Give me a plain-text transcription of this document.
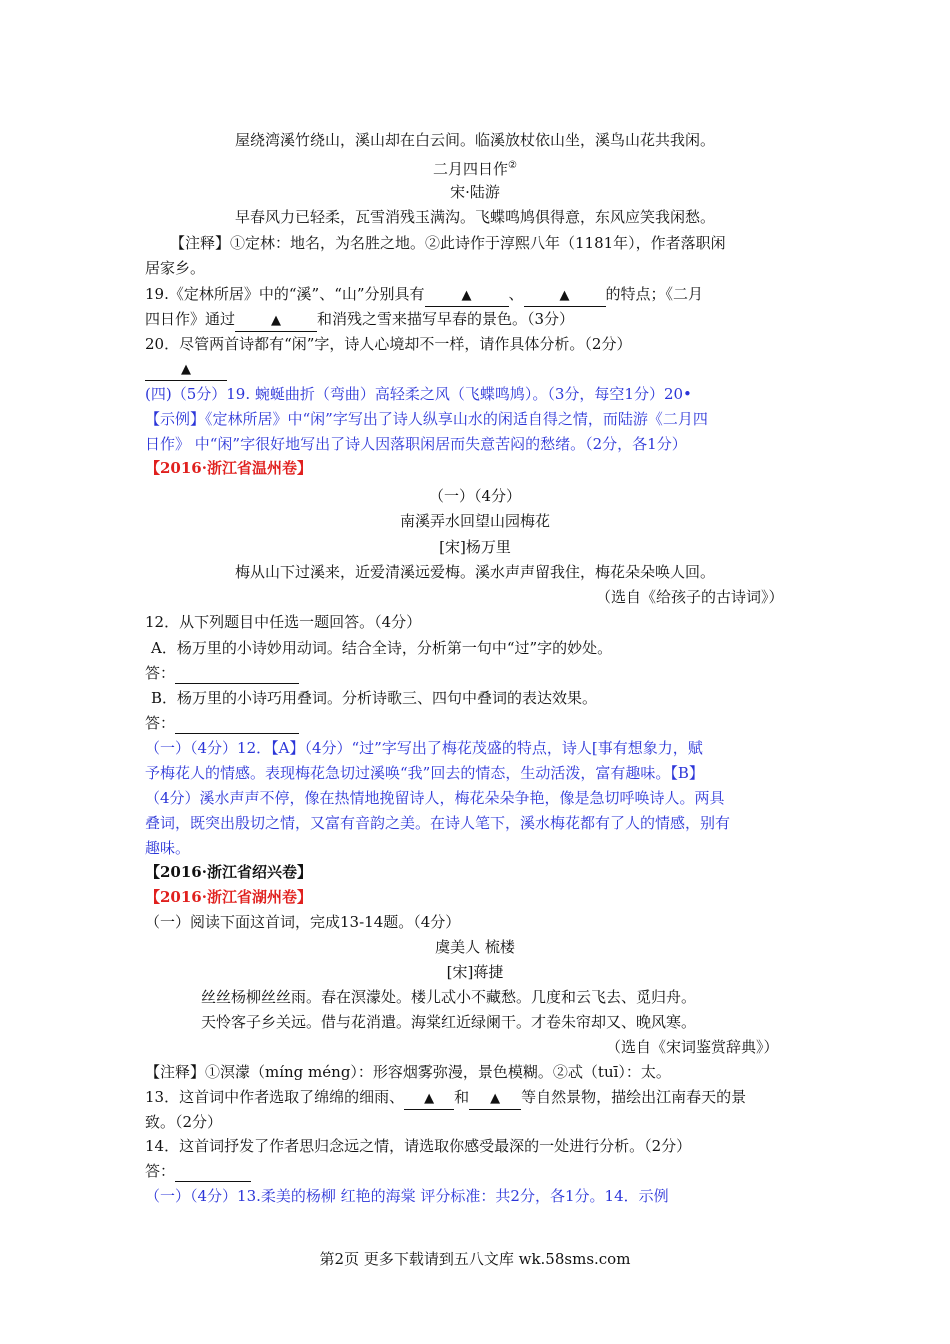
屋绕湾溪竹绕山，溪山却在白云间。临溪放杖依山坐，溪鸟山花共我闲。
二月四日作②
宋·陆游
早春风力已轻柔，瓦雪消残玉满沟。飞蝶鸣鸠俱得意，东风应笑我闲愁。
【注释】①定林：地名，为名胜之地。②此诗作于淳熙八年（1181年），作者落职闲
居家乡。
19.《定林所居》中的“溪”、“山”分别具有	▲ 、	▲ 的特点；《二月
四日作》通过	▲ 和消残之雪来描写早春的景色。（3分）
20．尽管两首诗都有“闲”字，诗人心境却不一样，请作具体分析。（2分）
▲
(四)（5分）19. 蜿蜒曲折（弯曲）高轻柔之风（飞蝶鸣鸠）。（3分，每空1分）20•
【示例】《定林所居》中“闲”字写出了诗人纵享山水的闲适自得之情，而陆游《二月四
日作》 中“闲”字很好地写出了诗人因落职闲居而失意苦闷的愁绪。（2分，各1分）
【2016·浙江省温州卷】
（一）（4分）
南溪弄水回望山园梅花
[宋]杨万里
梅从山下过溪来，近爱清溪远爱梅。溪水声声留我住，梅花朵朵唤人回。
（选自《给孩子的古诗词》）
12．从下列题目中任选一题回答。（4分）
A．杨万里的小诗妙用动词。结合全诗，分析第一句中“过”字的妙处。
答：
B．杨万里的小诗巧用叠词。分析诗歌三、四句中叠词的表达效果。
答：
（一）（4分）12．【A】（4分）“过”字写出了梅花茂盛的特点，诗人[事有想象力，赋
予梅花人的情感。表现梅花急切过溪唤“我”回去的情态，生动活泼，富有趣味。【B】
（4分）溪水声声不停，像在热情地挽留诗人，梅花朵朵争艳，像是急切呼唤诗人。两具
叠词，既突出殷切之情，又富有音韵之美。在诗人笔下，溪水梅花都有了人的情感，别有
趣味。
【2016·浙江省绍兴卷】
【2016·浙江省湖州卷】
（一）阅读下面这首词，完成13-14题。（4分）
虞美人 梳楼
[宋]蒋捷
丝丝杨柳丝丝雨。春在溟濛处。楼儿忒小不藏愁。几度和云飞去、觅归舟。
天怜客子乡关远。借与花消遣。海棠红近绿阑干。才卷朱帘却又、晚风寒。
（选自《宋词鉴赏辞典》）
【注释】①溟濛（míng méng）：形容烟雾弥漫，景色模糊。②忒（tuī）：太。
13．这首词中作者选取了绵绵的细雨、 ▲ 和 ▲ 等自然景物，描绘出江南春天的景
致。（2分）
14．这首词抒发了作者思归念远之情，请选取你感受最深的一处进行分析。（2分）
答：
（一）（4分）13.柔美的杨柳 红艳的海棠 评分标准：共2分，各1分。14．示例
第2页 更多下载请到五八文库 wk.58sms.com
